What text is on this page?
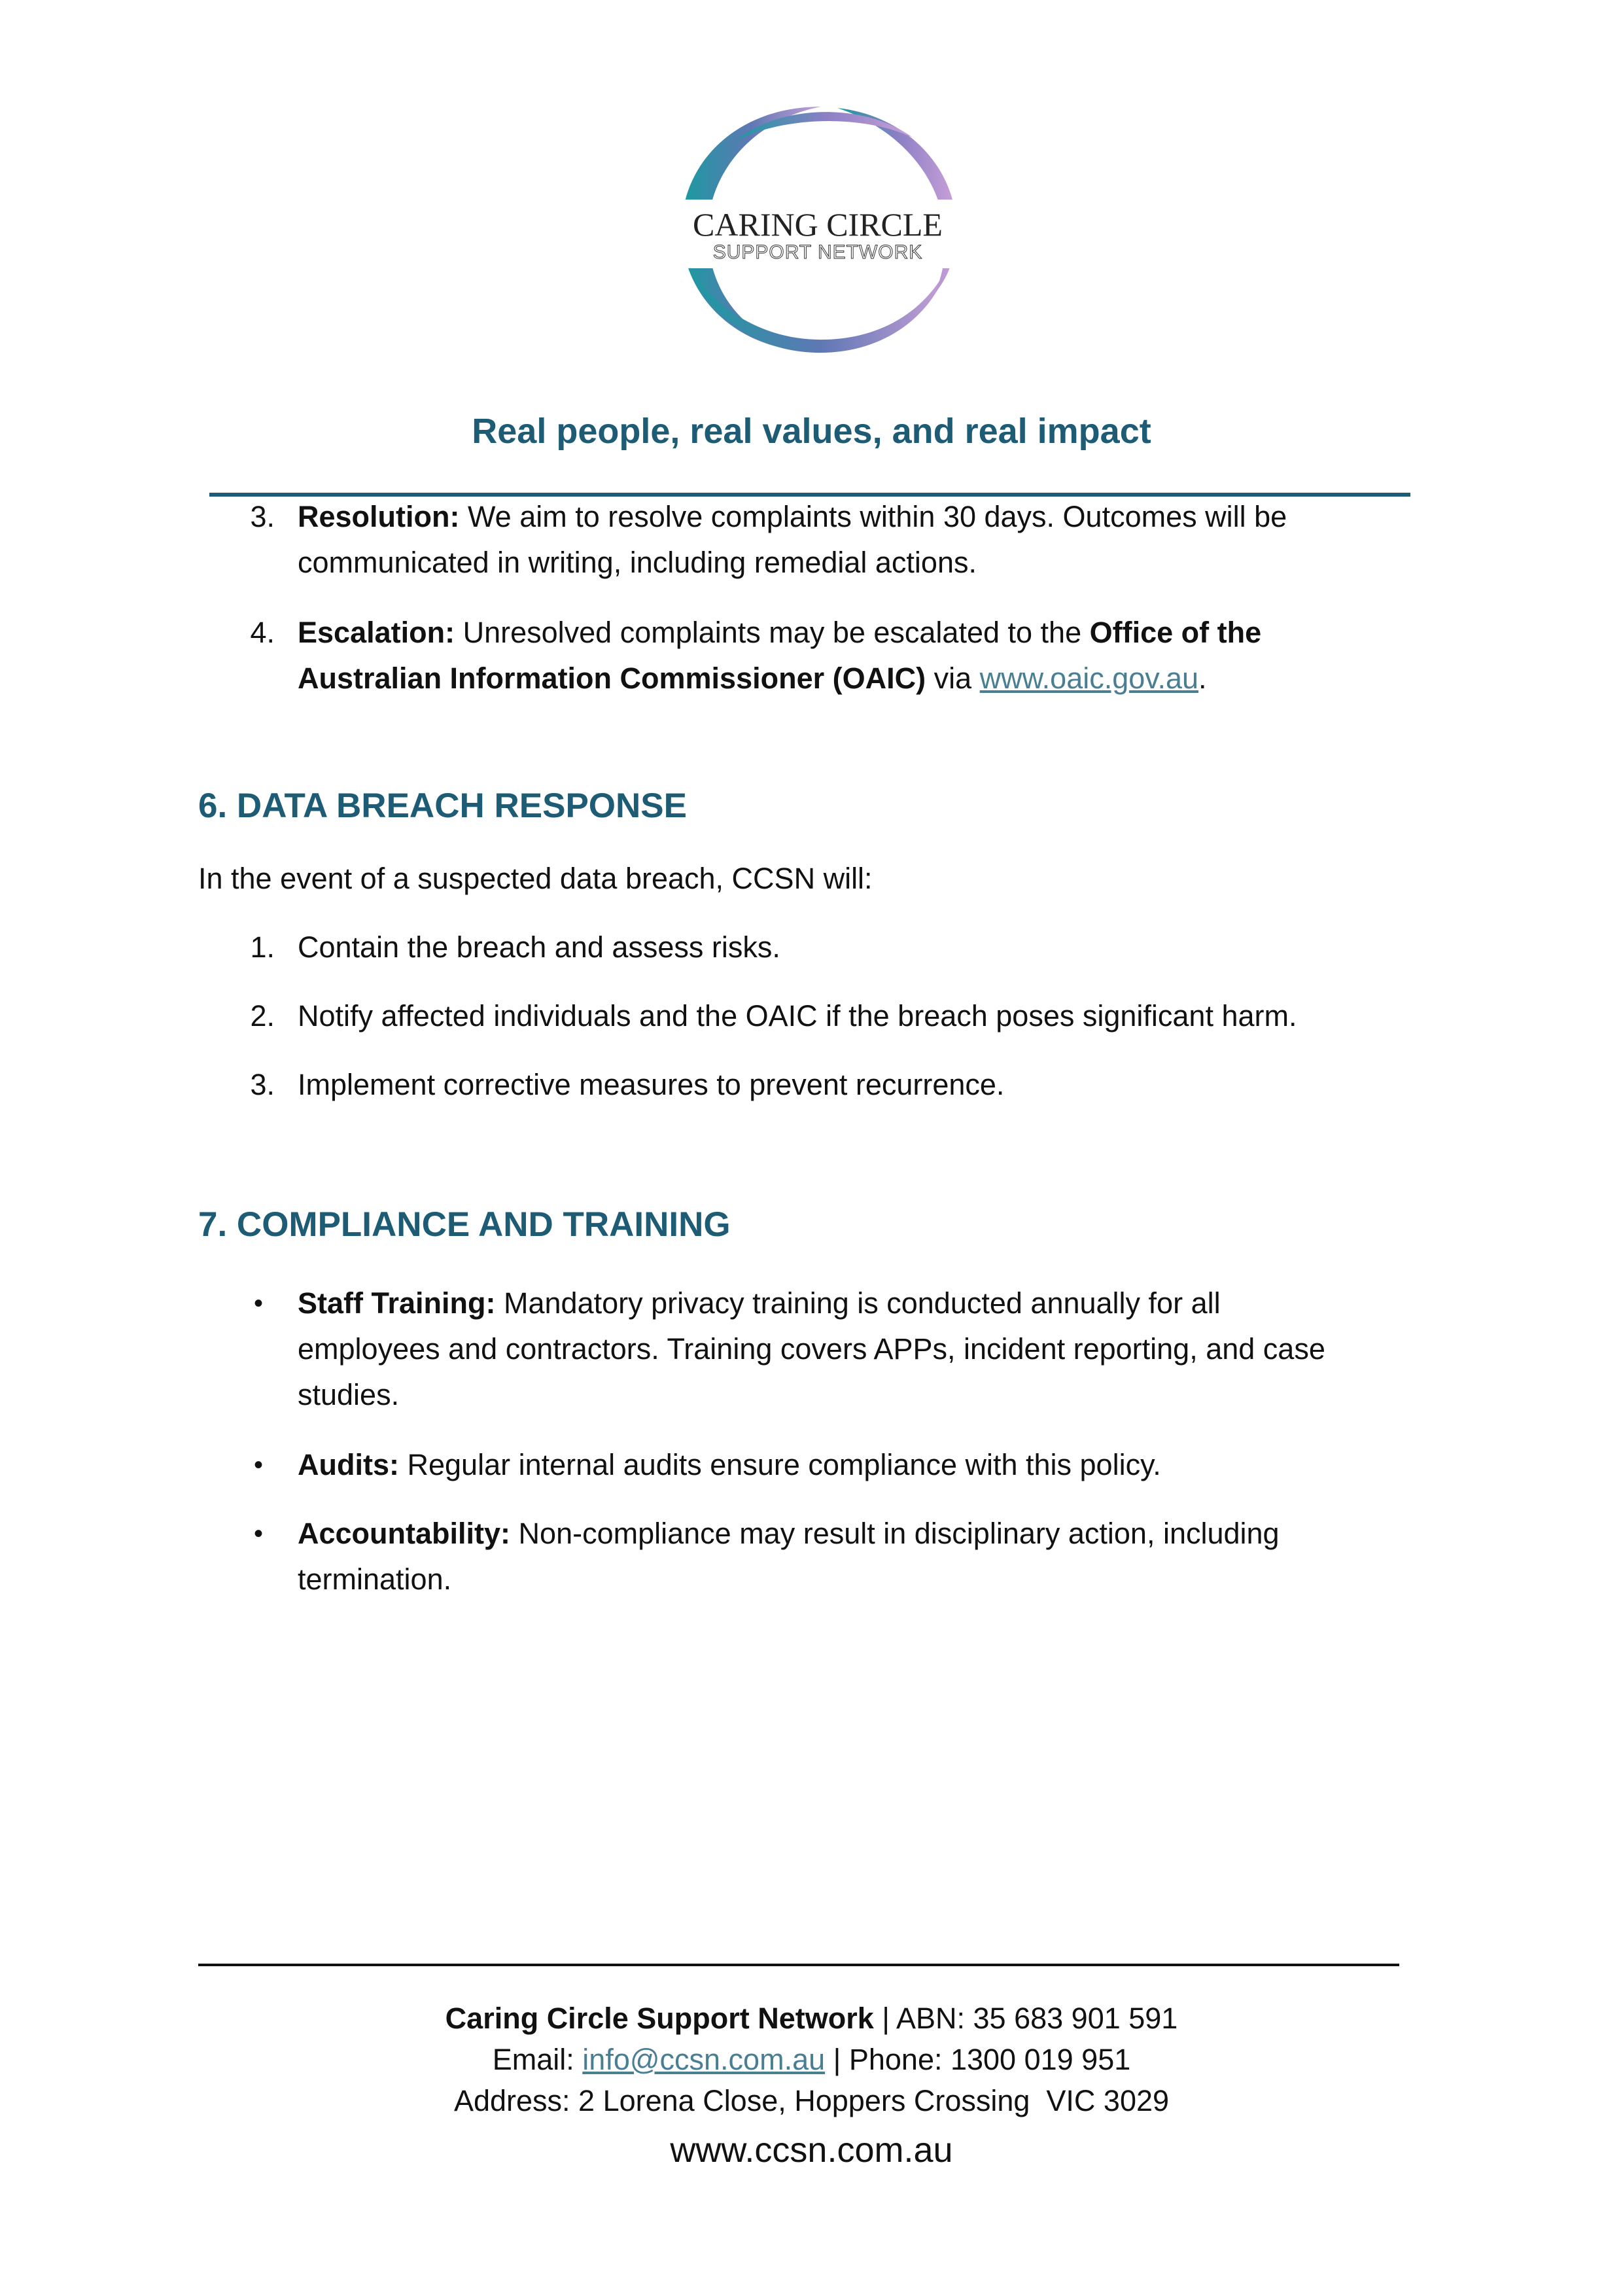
CARING CIRCLE
SUPPORT NETWORK
Real people, real values, and real impact
3. Resolution: We aim to resolve complaints within 30 days. Outcomes will be
communicated in writing, including remedial actions.
4. Escalation: Unresolved complaints may be escalated to the Office of the
Australian Information Commissioner (OAIC) via www.oaic.gov.au.
6. DATA BREACH RESPONSE
In the event of a suspected data breach, CCSN will:
1. Contain the breach and assess risks.
2. Notify affected individuals and the OAIC if the breach poses significant harm.
3. Implement corrective measures to prevent recurrence.
7. COMPLIANCE AND TRAINING
• Staff Training: Mandatory privacy training is conducted annually for all
employees and contractors. Training covers APPs, incident reporting, and case
studies.
• Audits: Regular internal audits ensure compliance with this policy.
• Accountability: Non-compliance may result in disciplinary action, including
termination.
Caring Circle Support Network | ABN: 35 683 901 591
Email: info@ccsn.com.au | Phone: 1300 019 951
Address: 2 Lorena Close, Hoppers Crossing  VIC 3029
www.ccsn.com.au
